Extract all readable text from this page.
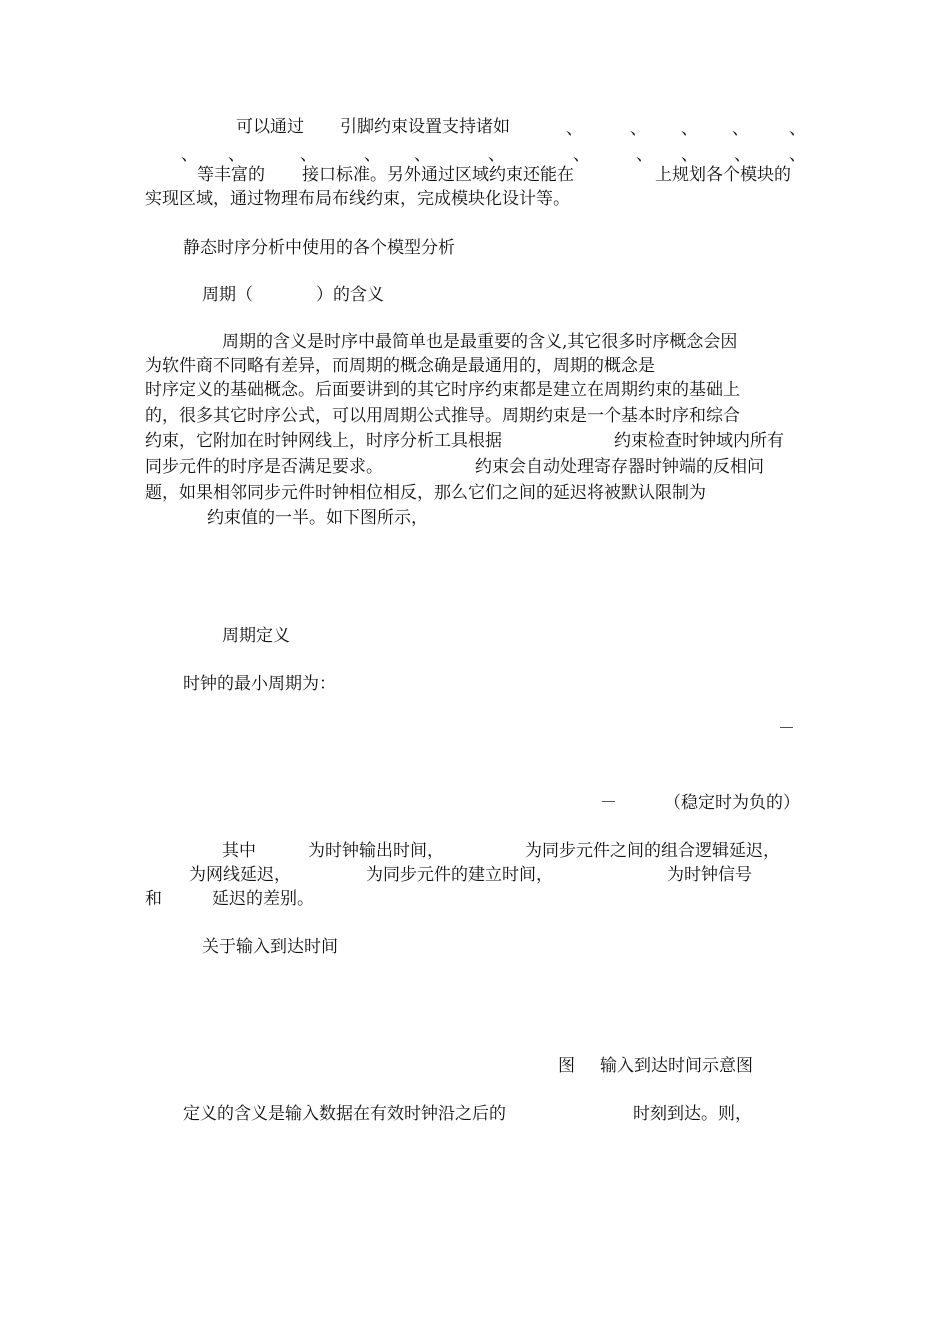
可以通过 引脚约束设置支持诸如	、	、 、 、 、
、 、	、	、 、	、	、	、 、 、 、
等丰富的 接口标准。另外通过区域约束还能在	上规划各个模块的
实现区域，通过物理布局布线约束，完成模块化设计等。
静态时序分析中使用的各个模型分析
周期（	）的含义
周期的含义是时序中最简单也是最重要的含义,其它很多时序概念会因
为软件商不同略有差异，而周期的概念确是最通用的，周期的概念是
时序定义的基础概念。后面要讲到的其它时序约束都是建立在周期约束的基础上
的，很多其它时序公式，可以用周期公式推导。周期约束是一个基本时序和综合
约束，它附加在时钟网线上，时序分析工具根据	约束检查时钟域内所有
同步元件的时序是否满足要求。	约束会自动处理寄存器时钟端的反相问
题，如果相邻同步元件时钟相位相反，那么它们之间的延迟将被默认限制为
约束值的一半。如下图所示，
周期定义
时钟的最小周期为：
－
－	（稳定时为负的）
其中	为时钟输出时间，	为同步元件之间的组合逻辑延迟，
为网线延迟，	为同步元件的建立时间，	为时钟信号
和	延迟的差别。
关于输入到达时间
图 输入到达时间示意图
定义的含义是输入数据在有效时钟沿之后的	时刻到达。则，
